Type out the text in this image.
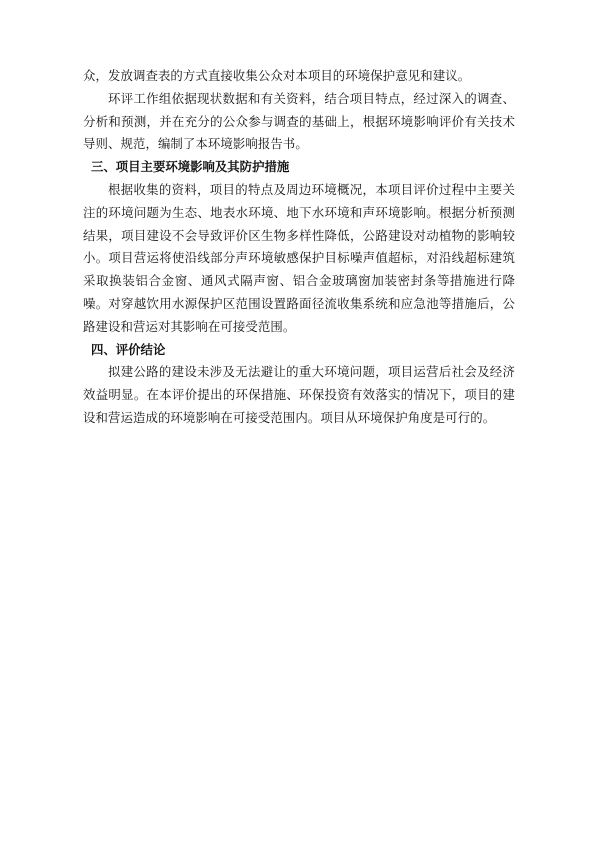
众，发放调查表的方式直接收集公众对本项目的环境保护意见和建议。

环评工作组依据现状数据和有关资料，结合项目特点，经过深入的调查、分析和预测，并在充分的公众参与调查的基础上，根据环境影响评价有关技术导则、规范，编制了本环境影响报告书。

三、项目主要环境影响及其防护措施

根据收集的资料，项目的特点及周边环境概况，本项目评价过程中主要关注的环境问题为生态、地表水环境、地下水环境和声环境影响。根据分析预测结果，项目建设不会导致评价区生物多样性降低，公路建设对动植物的影响较小。项目营运将使沿线部分声环境敏感保护目标噪声值超标，对沿线超标建筑采取换装铝合金窗、通风式隔声窗、铝合金玻璃窗加装密封条等措施进行降噪。对穿越饮用水源保护区范围设置路面径流收集系统和应急池等措施后，公路建设和营运对其影响在可接受范围。

四、评价结论

拟建公路的建设未涉及无法避让的重大环境问题，项目运营后社会及经济效益明显。在本评价提出的环保措施、环保投资有效落实的情况下，项目的建设和营运造成的环境影响在可接受范围内。项目从环境保护角度是可行的。
